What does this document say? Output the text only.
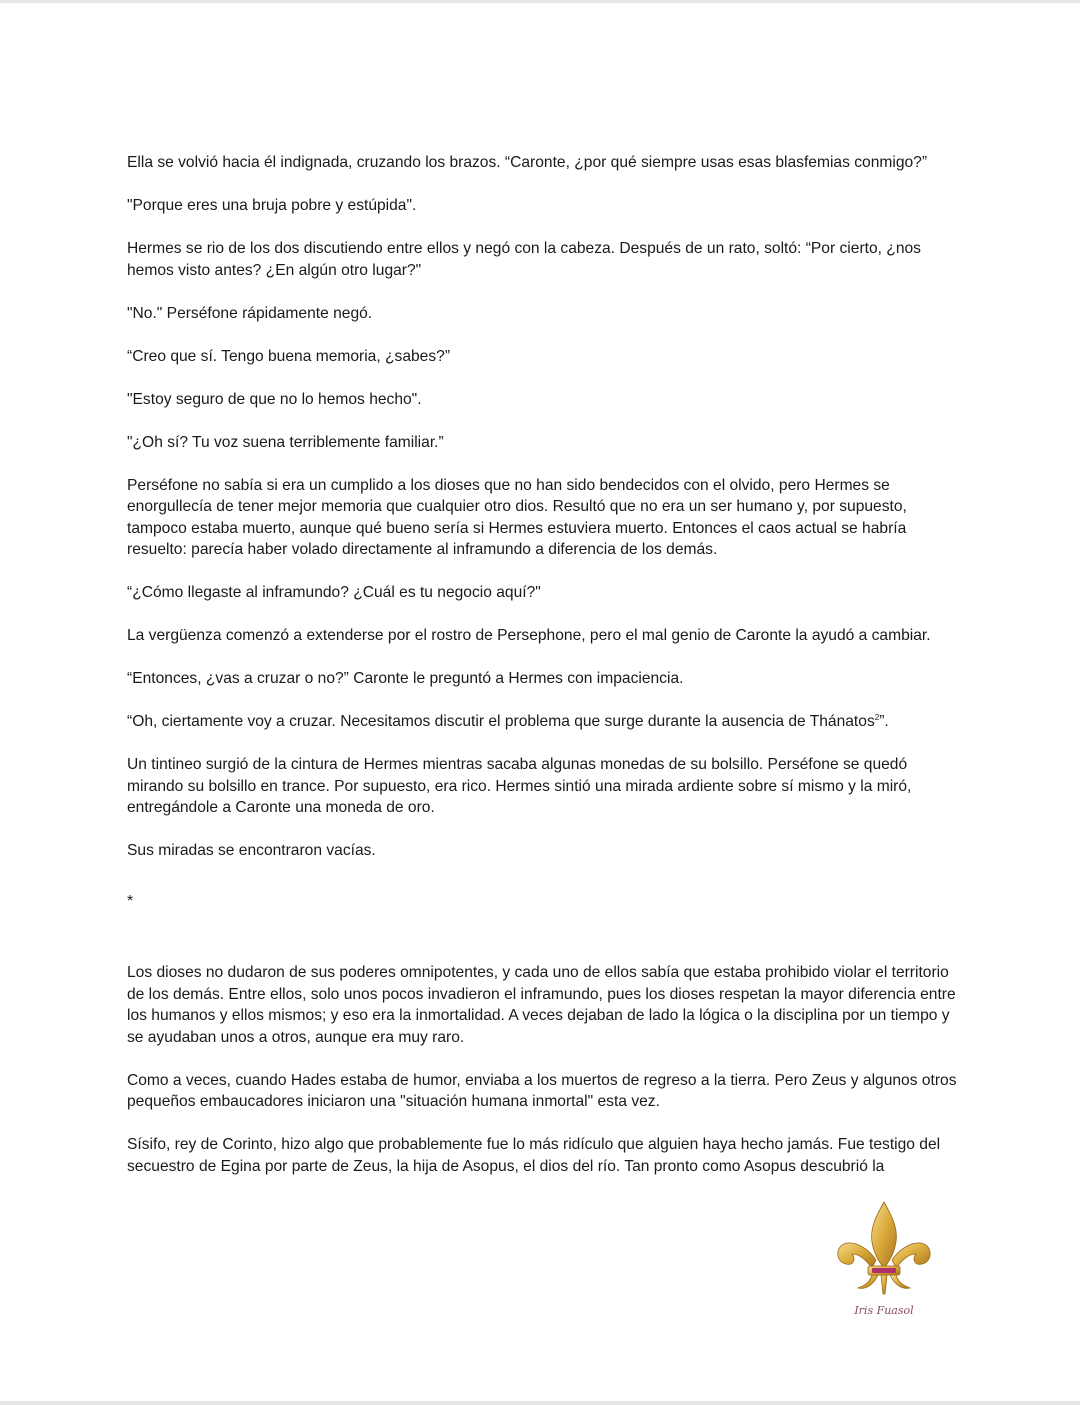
Ella se volvió hacia él indignada, cruzando los brazos. “Caronte, ¿por qué siempre usas esas blasfemias conmigo?”

"Porque eres una bruja pobre y estúpida".

Hermes se rio de los dos discutiendo entre ellos y negó con la cabeza. Después de un rato, soltó: “Por cierto, ¿nos hemos visto antes? ¿En algún otro lugar?"

"No." Perséfone rápidamente negó.

“Creo que sí. Tengo buena memoria, ¿sabes?”

"Estoy seguro de que no lo hemos hecho".

"¿Oh sí? Tu voz suena terriblemente familiar.”

Perséfone no sabía si era un cumplido a los dioses que no han sido bendecidos con el olvido, pero Hermes se enorgullecía de tener mejor memoria que cualquier otro dios. Resultó que no era un ser humano y, por supuesto, tampoco estaba muerto, aunque qué bueno sería si Hermes estuviera muerto. Entonces el caos actual se habría resuelto: parecía haber volado directamente al inframundo a diferencia de los demás.

“¿Cómo llegaste al inframundo? ¿Cuál es tu negocio aquí?"

La vergüenza comenzó a extenderse por el rostro de Persephone, pero el mal genio de Caronte la ayudó a cambiar.

“Entonces, ¿vas a cruzar o no?” Caronte le preguntó a Hermes con impaciencia.

“Oh, ciertamente voy a cruzar. Necesitamos discutir el problema que surge durante la ausencia de Thánatos$^2$”.

Un tintineo surgió de la cintura de Hermes mientras sacaba algunas monedas de su bolsillo. Perséfone se quedó mirando su bolsillo en trance. Por supuesto, era rico. Hermes sintió una mirada ardiente sobre sí mismo y la miró, entregándole a Caronte una moneda de oro.

Sus miradas se encontraron vacías.

*

Los dioses no dudaron de sus poderes omnipotentes, y cada uno de ellos sabía que estaba prohibido violar el territorio de los demás. Entre ellos, solo unos pocos invadieron el inframundo, pues los dioses respetan la mayor diferencia entre los humanos y ellos mismos; y eso era la inmortalidad. A veces dejaban de lado la lógica o la disciplina por un tiempo y se ayudaban unos a otros, aunque era muy raro.

Como a veces, cuando Hades estaba de humor, enviaba a los muertos de regreso a la tierra. Pero Zeus y algunos otros pequeños embaucadores iniciaron una "situación humana inmortal" esta vez.

Sísifo, rey de Corinto, hizo algo que probablemente fue lo más ridículo que alguien haya hecho jamás. Fue testigo del secuestro de Egina por parte de Zeus, la hija de Asopus, el dios del río. Tan pronto como Asopus descubrió la

Iris Fuasol
